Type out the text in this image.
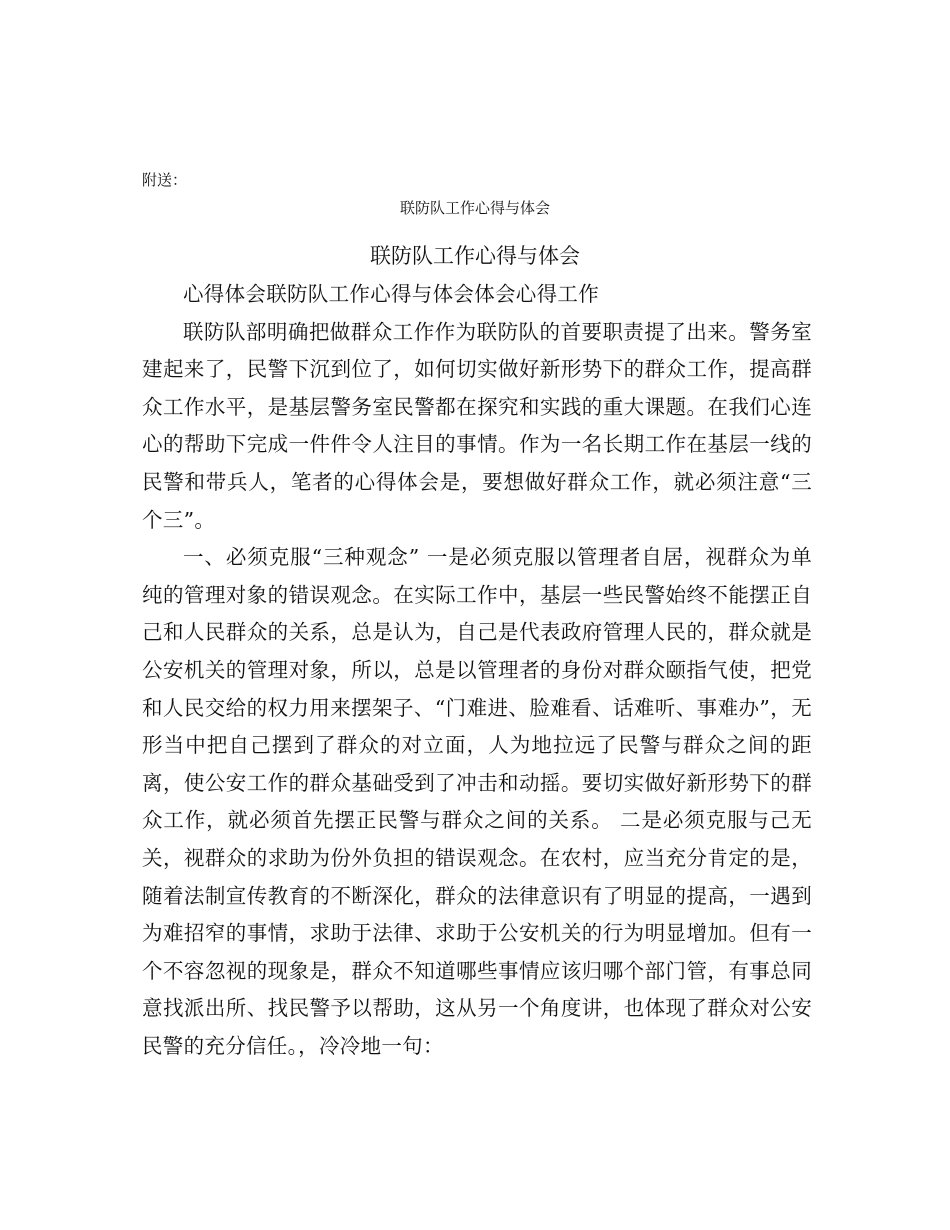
附送：
联防队工作心得与体会
联防队工作心得与体会

心得体会联防队工作心得与体会体会心得工作

联防队部明确把做群众工作作为联防队的首要职责提了出来。警务室建起来了，民警下沉到位了，如何切实做好新形势下的群众工作，提高群众工作水平，是基层警务室民警都在探究和实践的重大课题。在我们心连心的帮助下完成一件件令人注目的事情。作为一名长期工作在基层一线的民警和带兵人，笔者的心得体会是，要想做好群众工作，就必须注意“三个三”。

一、必须克服“三种观念” 一是必须克服以管理者自居，视群众为单纯的管理对象的错误观念。在实际工作中，基层一些民警始终不能摆正自己和人民群众的关系，总是认为，自己是代表政府管理人民的，群众就是公安机关的管理对象，所以，总是以管理者的身份对群众颐指气使，把党和人民交给的权力用来摆架子、“门难进、脸难看、话难听、事难办”，无形当中把自己摆到了群众的对立面，人为地拉远了民警与群众之间的距离，使公安工作的群众基础受到了冲击和动摇。要切实做好新形势下的群众工作，就必须首先摆正民警与群众之间的关系。 二是必须克服与己无关，视群众的求助为份外负担的错误观念。在农村，应当充分肯定的是，随着法制宣传教育的不断深化，群众的法律意识有了明显的提高，一遇到为难招窄的事情，求助于法律、求助于公安机关的行为明显增加。但有一个不容忽视的现象是，群众不知道哪些事情应该归哪个部门管，有事总同意找派出所、找民警予以帮助，这从另一个角度讲，也体现了群众对公安民警的充分信任。，冷冷地一句：
